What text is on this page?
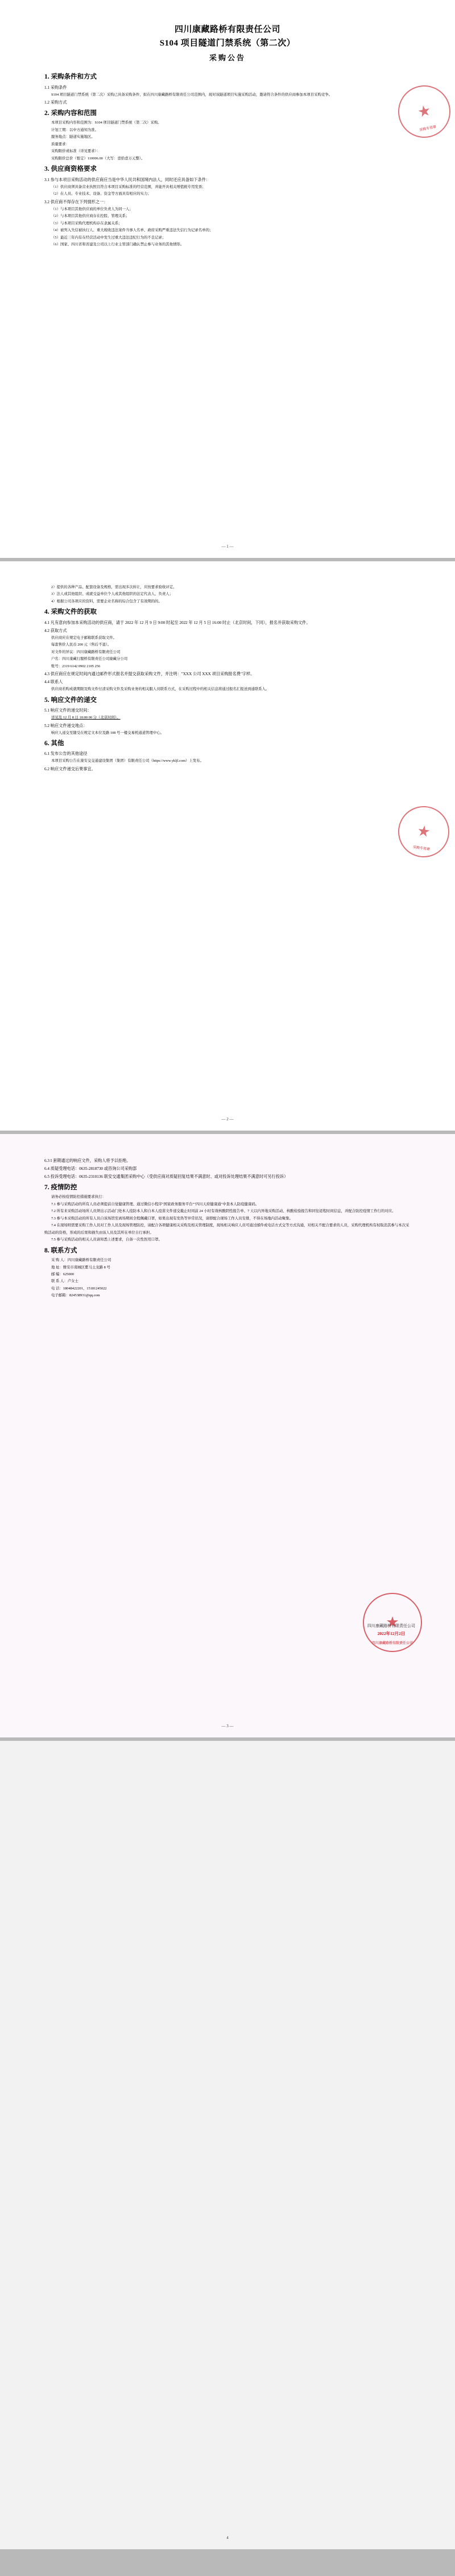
四川康藏路桥有限责任公司
S104 项目隧道门禁系统（第二次）
采购公告
1. 采购条件和方式
1.1 采购条件
S104 项目隧道门禁系统（第二次）采购已具备采购条件，拟在四川康藏路桥有限责任公司范围内，现对该隧道项目实施采购活动，邀请符合条件的供应商参加本项目采购竞争。
1.2 采购方式
2. 采购内容和范围
本项目采购内容和范围为：S104 项目隧道门禁系统（第二次）采购。
计划工期：以中方通知为准。
服务地点：隧道实施地区。
质量要求：
采购限价或标准（详见要求）：
采购限价总价（暂定）110006.00（大写：壹拾壹万元整）。
3. 供应商资格要求
3.1 参与本项目采购活动的供应商应当是中华人民共和国境内法人，同时还应具备如下条件：
（1）供应商须具备营业执照且符合本项目采购标准的经营范围，并能开具相关增值税专用发票；
（2）在人员、专业技术、设备、资金等方面具有相应的实力；
3.2 供应商不得存在下列情形之一：
（1）与本项目其他供应商的单位负责人为同一人；
（2）与本项目其他供应商存在控股、管理关系；
（3）与本项目采购代理机构存在隶属关系；
（4）被列入失信被执行人、重大税收违法案件当事人名单、政府采购严重违法失信行为记录名单的；
（5）最近三年内有在经营活动中发生过重大违法违纪行为的不良记录；
（6）国家、四川省和省建及公司以上行业主管部门确认禁止参与业务的其他情形。
★
采购专用章
— 1 —
2）提供的各种产品、配套设备及规格，需出现多次转让，应按要求验收评定。
3）法人或其他组织、或就受益单位个人或其他组织的法定代表人、负责人；
4）根据公司各项应的资料，需要企业名称的综合包含了有效期的的。
4. 采购文件的获取
4.1 凡有意向参加本采购活动的供应商，请于 2022 年 12 月 9 日 9:00 时起至 2022 年 12 月 5 日 16:00 时止（北京时间，下同），报名并获取采购文件。
4.2 获取方式
供应商应在规定电子邮箱联系获取文件。
每套售价人民币 200 元（售后不退）。
对文件的异议：四川康藏路桥有限责任公司
户名：四川康藏行服桥有限责任公司康藏分公司
账号：2319 6142 0902 2105 256
4.3 供应商应在规定时间内通过邮件形式报名并提交获取采购文件，并注明："XXX 公司 XXX 项目采购报名费"字样。
4.4 联系人
供应商若购成就期限及购文件付清采购文件及采购业务的相关服人员联系方式，在采购过程中的相关信息将通过报名汇报送到通联系人。
5. 响应文件的递交
5.1 响应文件的递交时间：
详见及 12 月 8 日 10:00 00 分（北京时间）。
5.2 响应文件递交地点：
响应人递交至随受在规定文本位及路 108 号一楼交易机通道管理中心。
6. 其他
6.1 发布公告的其他途径
本项目采购公告在康安交交通建设集团（集团）有限责任公司（https://www.ykljl.com）上发布。
6.2 响应文件递交后果事宜。
★
采购专用章
— 2 —
6.3 I 套期通过的响应文件，采购人将予以拒绝。
6.4 质疑受理电话：0635-2818730 或咨询公司采购部
6.5 投诉受理电话：0635-2310136 联安交通集团采购中心（受供应商对质疑回复结果不满意时、或对投诉处理结果不满意时可另行投诉）
7. 疫情防控
请务必按疫情防控措施要求执行：
7.1 参与采购活动的所有人员必须提前自觉健康管理、通过微信小程序"国家政务服务平台""四川天府健康通"中查本人防疫健康码。
7.2 所有来采购活动场所人员须出示活动门处本人疫防本人和自本人疫苗文件递交截止时间前 24 小时有效核酸阴性报告单、7 天以内异地采购活动、核酸检验报告和同往返程时间信息，并配合防控疫情工作行的对应。
7.3 参与本采购活动的所有人员自该场馆至离场期间全程佩戴口罩，如果出现有发热等异常状况，请即配合现场工作人员安排，不得在场地内活动聚集。
7.4 在现场则需要采购工作人员对工作人员及现场管理防控，请配合各项健康相关采购及相关管理制度，现场相关响应人员可通过邮件或电话方式交等方式沟通，对相关不配合要求的人员，采购代理机构有权取消其参与本次采购活动的资格，形成的后果和损失由该人员及其所在单位自行承担。
7.5 参与采购活动的相关人员请知悉上述要求，自备一次性医用口罩。
8. 联系方式
采 购 人：四川康藏路桥有限责任公司
地 址：雅安市南城区紫马土龙路 8 号
邮 编：625000
联 系 人：卢女士
电 话：18048422201、15181245022
电子邮箱：824538931@qq.com
四川康藏路桥有限责任公司
2022年12月2日
★
四川康藏路桥有限责任公司
— 3 —
4
